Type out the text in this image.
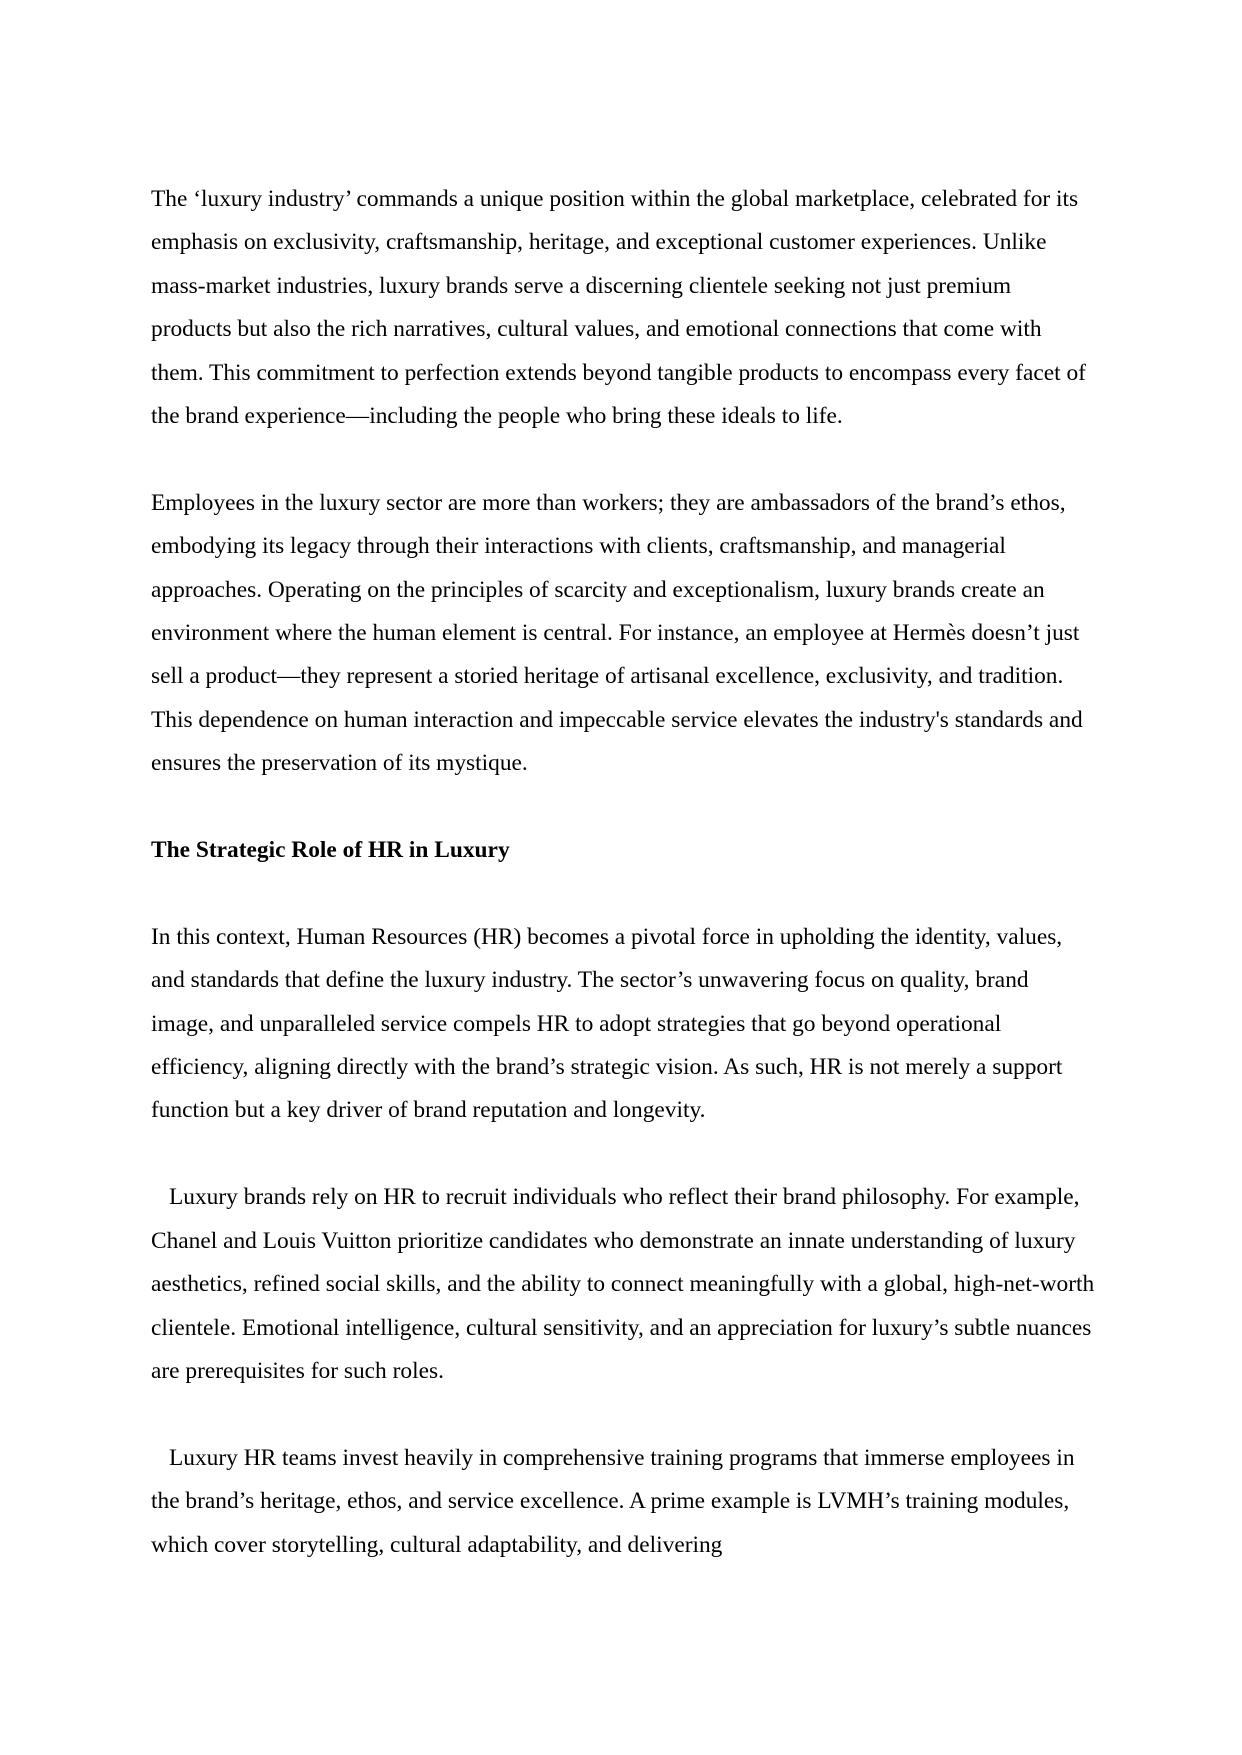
The ‘luxury industry’ commands a unique position within the global marketplace, celebrated for its emphasis on exclusivity, craftsmanship, heritage, and exceptional customer experiences. Unlike mass-market industries, luxury brands serve a discerning clientele seeking not just premium products but also the rich narratives, cultural values, and emotional connections that come with them. This commitment to perfection extends beyond tangible products to encompass every facet of the brand experience—including the people who bring these ideals to life.

Employees in the luxury sector are more than workers; they are ambassadors of the brand’s ethos, embodying its legacy through their interactions with clients, craftsmanship, and managerial approaches. Operating on the principles of scarcity and exceptionalism, luxury brands create an environment where the human element is central. For instance, an employee at Hermès doesn’t just sell a product—they represent a storied heritage of artisanal excellence, exclusivity, and tradition. This dependence on human interaction and impeccable service elevates the industry's standards and ensures the preservation of its mystique.

The Strategic Role of HR in Luxury

In this context, Human Resources (HR) becomes a pivotal force in upholding the identity, values, and standards that define the luxury industry. The sector’s unwavering focus on quality, brand image, and unparalleled service compels HR to adopt strategies that go beyond operational efficiency, aligning directly with the brand’s strategic vision. As such, HR is not merely a support function but a key driver of brand reputation and longevity.

Luxury brands rely on HR to recruit individuals who reflect their brand philosophy. For example, Chanel and Louis Vuitton prioritize candidates who demonstrate an innate understanding of luxury aesthetics, refined social skills, and the ability to connect meaningfully with a global, high-net-worth clientele. Emotional intelligence, cultural sensitivity, and an appreciation for luxury’s subtle nuances are prerequisites for such roles.

Luxury HR teams invest heavily in comprehensive training programs that immerse employees in the brand’s heritage, ethos, and service excellence. A prime example is LVMH’s training modules, which cover storytelling, cultural adaptability, and delivering
